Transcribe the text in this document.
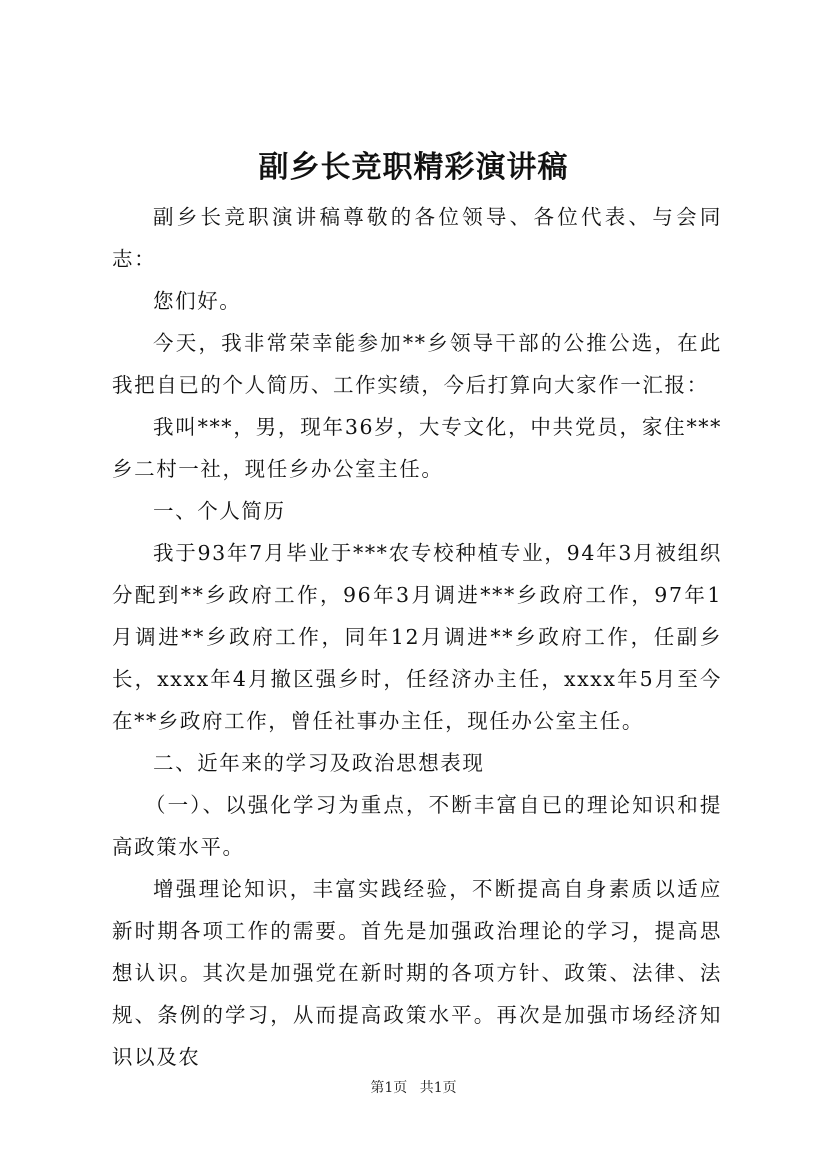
副乡长竞职精彩演讲稿

副乡长竞职演讲稿尊敬的各位领导、各位代表、与会同志：

您们好。

今天，我非常荣幸能参加**乡领导干部的公推公选，在此我把自已的个人简历、工作实绩，今后打算向大家作一汇报：

我叫***，男，现年36岁，大专文化，中共党员，家住***乡二村一社，现任乡办公室主任。

一、个人简历

我于93年7月毕业于***农专校种植专业，94年3月被组织分配到**乡政府工作，96年3月调进***乡政府工作，97年1月调进**乡政府工作，同年12月调进**乡政府工作，任副乡长，xxxx年4月撤区强乡时，任经济办主任，xxxx年5月至今在**乡政府工作，曾任社事办主任，现任办公室主任。

二、近年来的学习及政治思想表现

（一）、以强化学习为重点，不断丰富自已的理论知识和提高政策水平。

增强理论知识，丰富实践经验，不断提高自身素质以适应新时期各项工作的需要。首先是加强政治理论的学习，提高思想认识。其次是加强党在新时期的各项方针、政策、法律、法规、条例的学习，从而提高政策水平。再次是加强市场经济知识以及农

第1页 共1页
